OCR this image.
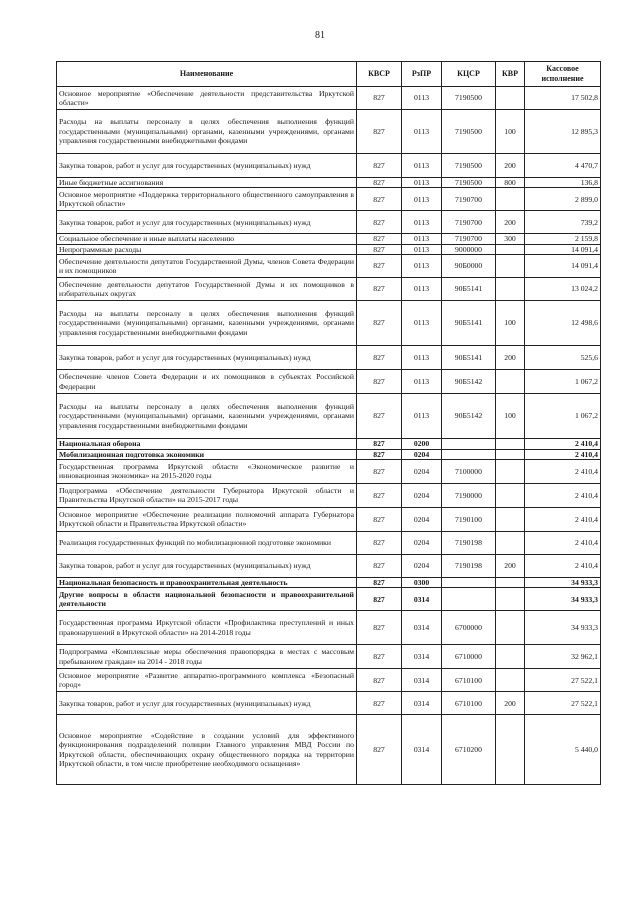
81
Наименование	КВСР	РзПР	КЦСР	КВР	Кассовое исполнение
Основное мероприятие «Обеспечение деятельности представительства Иркутской области»	827	0113	7190500		17 502,8
Расходы на выплаты персоналу в целях обеспечения выполнения функций государственными (муниципальными) органами, казенными учреждениями, органами управления государственными внебюджетными фондами	827	0113	7190500	100	12 895,3
Закупка товаров, работ и услуг для государственных (муниципальных) нужд	827	0113	7190500	200	4 470,7
Иные бюджетные ассигнования	827	0113	7190500	800	136,8
Основное мероприятие «Поддержка территориального общественного самоуправления в Иркутской области»	827	0113	7190700		2 899,0
Закупка товаров, работ и услуг для государственных (муниципальных) нужд	827	0113	7190700	200	739,2
Социальное обеспечение и иные выплаты населению	827	0113	7190700	300	2 159,8
Непрограммные расходы	827	0113	9000000		14 091,4
Обеспечение деятельности депутатов Государственной Думы, членов Совета Федерации и их помощников	827	0113	90Б0000		14 091,4
Обеспечение деятельности депутатов Государственной Думы и их помощников в избирательных округах	827	0113	90Б5141		13 024,2
Расходы на выплаты персоналу в целях обеспечения выполнения функций государственными (муниципальными) органами, казенными учреждениями, органами управления государственными внебюджетными фондами	827	0113	90Б5141	100	12 498,6
Закупка товаров, работ и услуг для государственных (муниципальных) нужд	827	0113	90Б5141	200	525,6
Обеспечение членов Совета Федерации и их помощников в субъектах Российской Федерации	827	0113	90Б5142		1 067,2
Расходы на выплаты персоналу в целях обеспечения выполнения функций государственными (муниципальными) органами, казенными учреждениями, органами управления государственными внебюджетными фондами	827	0113	90Б5142	100	1 067,2
Национальная оборона	827	0200			2 410,4
Мобилизационная подготовка экономики	827	0204			2 410,4
Государственная программа Иркутской области «Экономическое развитие и инновационная экономика» на 2015-2020 годы	827	0204	7100000		2 410,4
Подпрограмма «Обеспечение деятельности Губернатора Иркутской области и Правительства Иркутской области» на 2015-2017 годы	827	0204	7190000		2 410,4
Основное мероприятие «Обеспечение реализации полномочий аппарата Губернатора Иркутской области и Правительства Иркутской области»	827	0204	7190100		2 410,4
Реализация государственных функций по мобилизационной подготовке экономики	827	0204	7190198		2 410,4
Закупка товаров, работ и услуг для государственных (муниципальных) нужд	827	0204	7190198	200	2 410,4
Национальная безопасность и правоохранительная деятельность	827	0300			34 933,3
Другие вопросы в области национальной безопасности и правоохранительной деятельности	827	0314			34 933,3
Государственная программа Иркутской области «Профилактика преступлений и иных правонарушений в Иркутской области» на 2014-2018 годы	827	0314	6700000		34 933,3
Подпрограмма «Комплексные меры обеспечения правопорядка в местах с массовым пребыванием граждан» на 2014 - 2018 годы	827	0314	6710000		32 962,1
Основное мероприятие «Развитие аппаратно-программного комплекса «Безопасный город»	827	0314	6710100		27 522,1
Закупка товаров, работ и услуг для государственных (муниципальных) нужд	827	0314	6710100	200	27 522,1
Основное мероприятие «Содействие в создании условий для эффективного функционирования подразделений полиции Главного управления МВД России по Иркутской области, обеспечивающих охрану общественного порядка на территории Иркутской области, в том числе приобретение необходимого оснащения»	827	0314	6710200		5 440,0
